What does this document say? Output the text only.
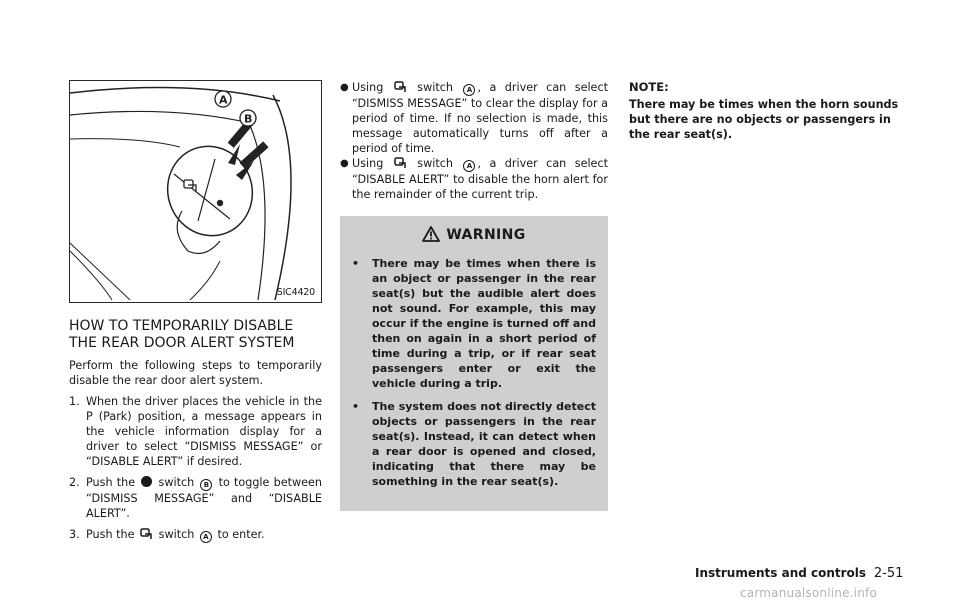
A
B
SIC4420
HOW TO TEMPORARILY DISABLE THE REAR DOOR ALERT SYSTEM

Perform the following steps to temporarily disable the rear door alert system.

1. When the driver places the vehicle in the P (Park) position, a message appears in the vehicle information display for a driver to select “DISMISS MESSAGE” or “DISABLE ALERT” if desired.
2. Push the switch B to toggle between “DISMISS MESSAGE” and “DISABLE ALERT”.
3. Push the switch A to enter.
● Using	switch A , a driver can select “DISMISS MESSAGE” to clear the display for a period of time. If no selection is made, this message automatically turns off after a period of time.
● Using	switch A , a driver can select “DISABLE ALERT” to disable the horn alert for the remainder of the current trip.
WARNING
• There may be times when there is an object or passenger in the rear seat(s) but the audible alert does not sound. For example, this may occur if the engine is turned off and then on again in a short period of time during a trip, or if rear seat passengers enter or exit the vehicle during a trip.
• The system does not directly detect objects or passengers in the rear seat(s). Instead, it can detect when a rear door is opened and closed, indicating that there may be something in the rear seat(s).
NOTE:
There may be times when the horn sounds but there are no objects or passengers in the rear seat(s).
Instruments and controls 2-51
carmanualsonline.info
